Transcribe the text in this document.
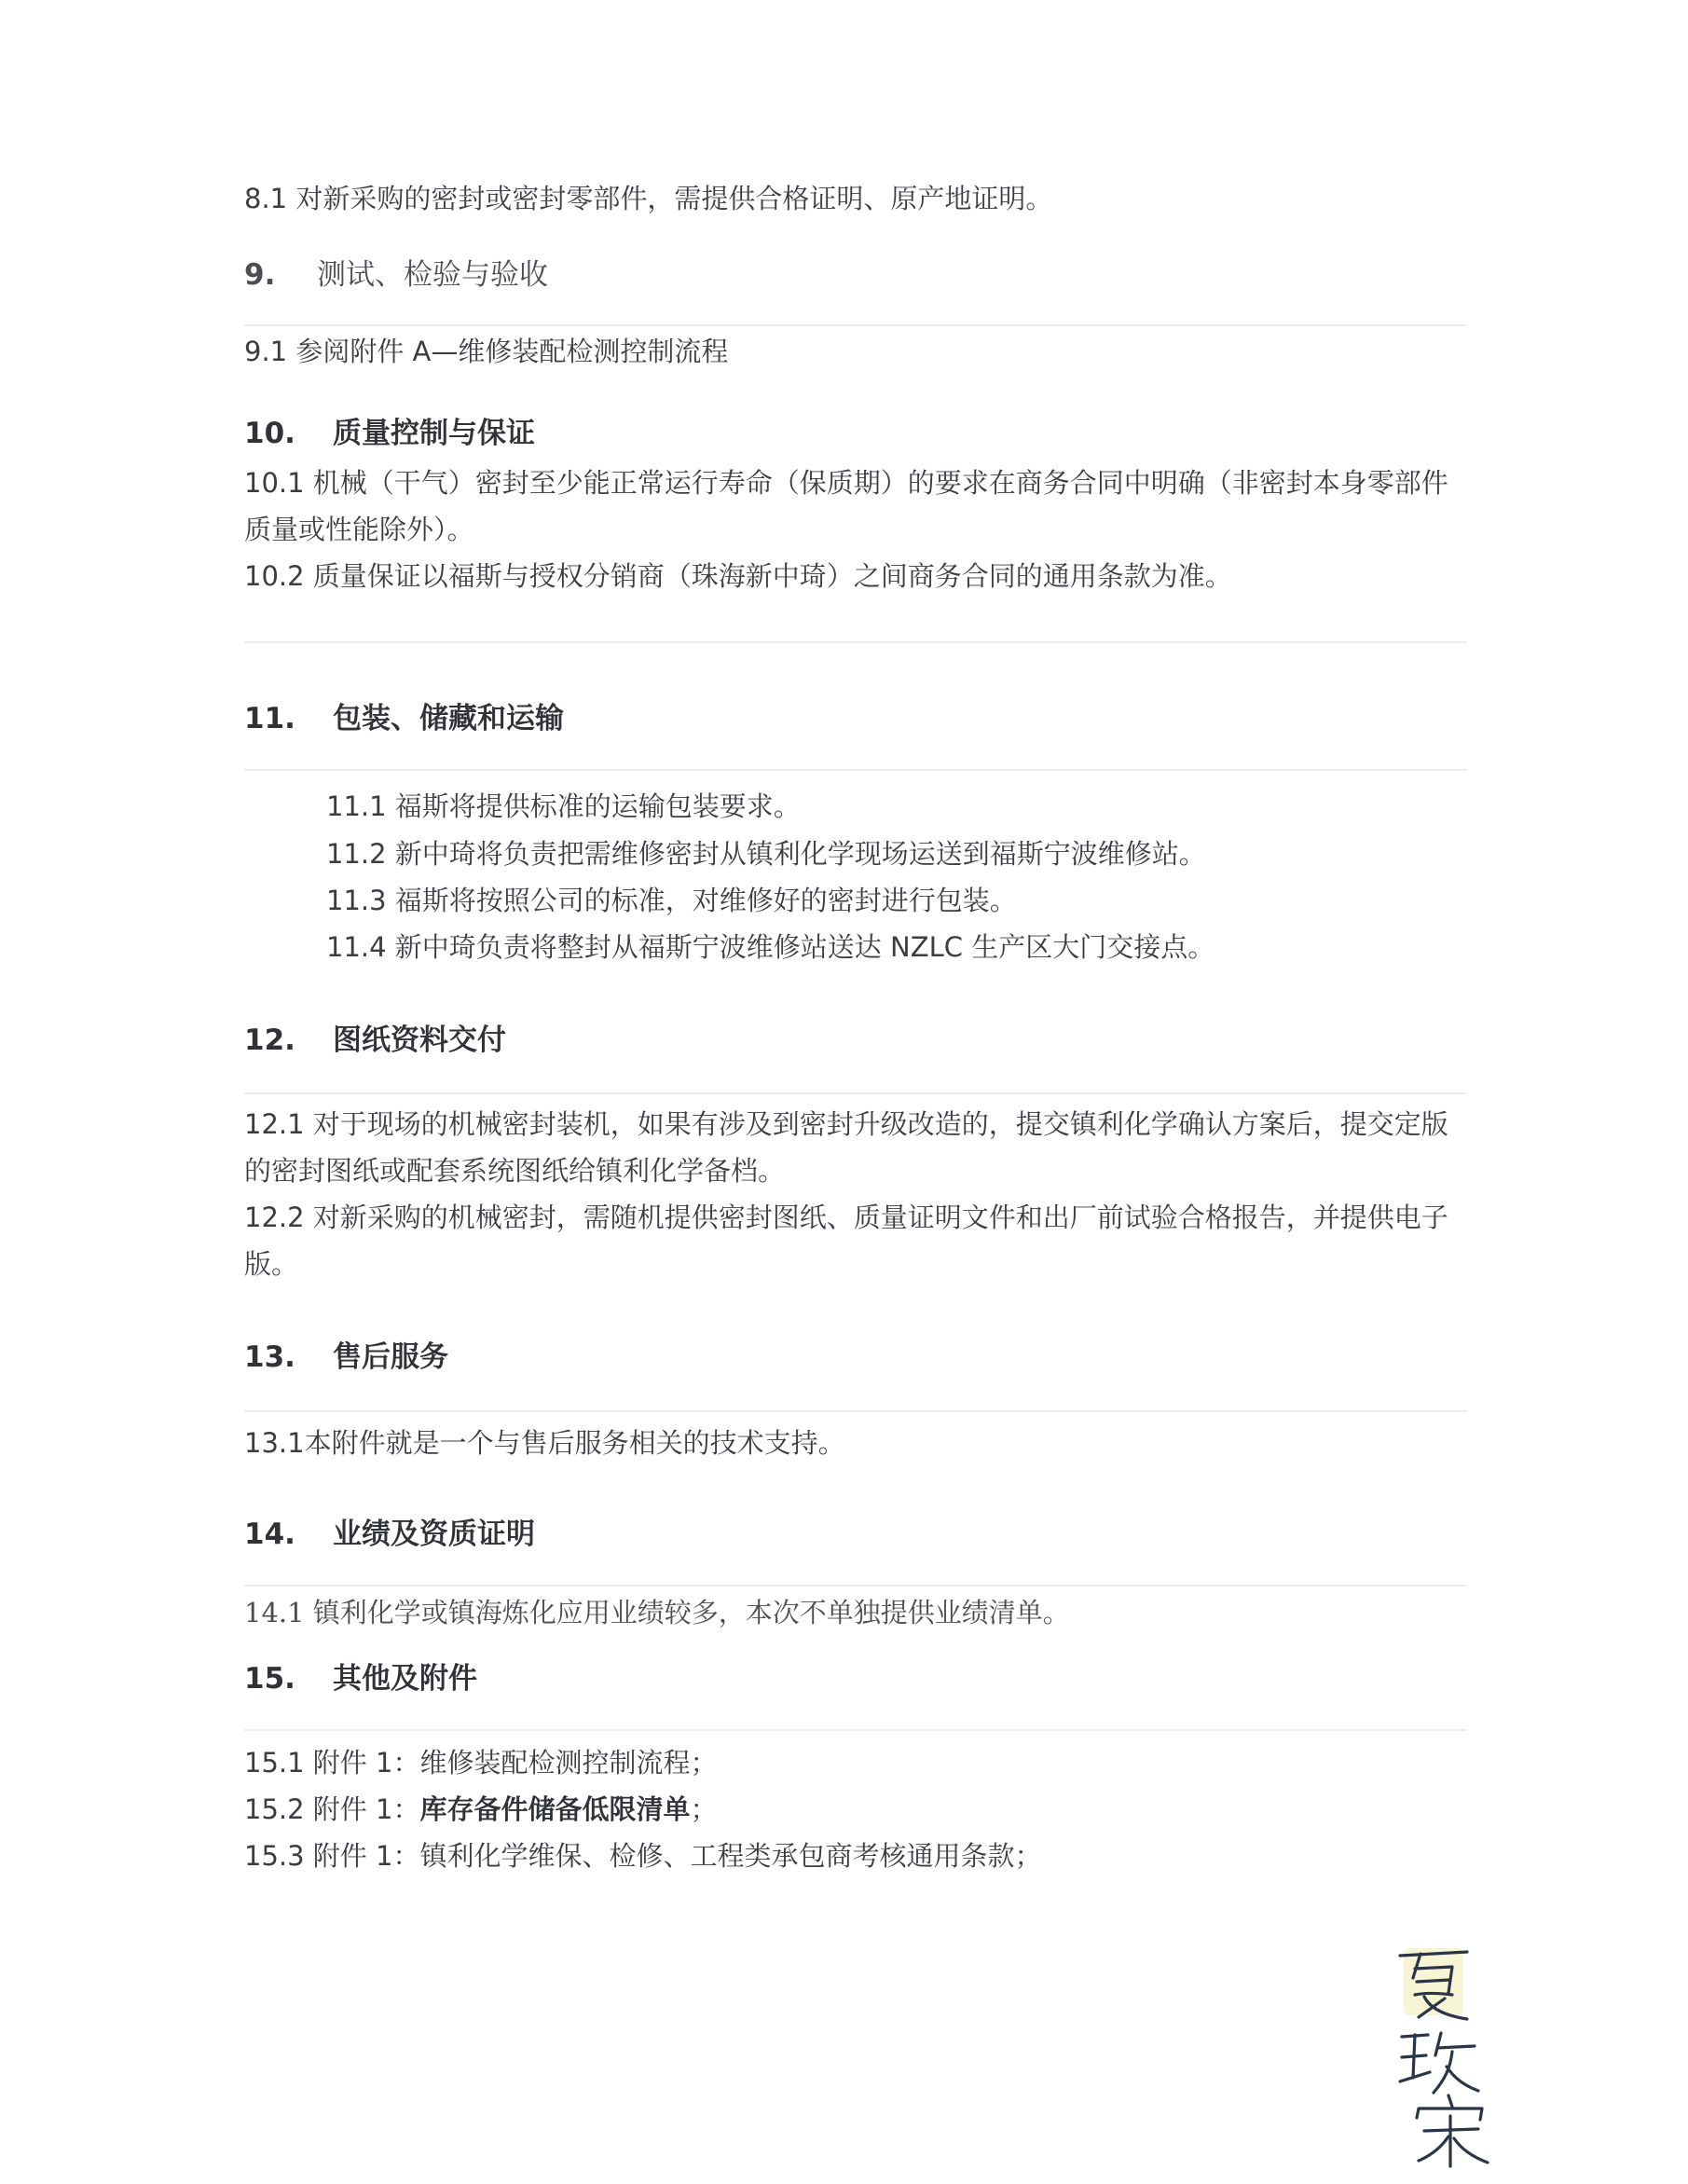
8.1 对新采购的密封或密封零部件，需提供合格证明、原产地证明。
9. 测试、检验与验收
9.1 参阅附件 A—维修装配检测控制流程
10. 质量控制与保证
10.1 机械（干气）密封至少能正常运行寿命（保质期）的要求在商务合同中明确（非密封本身零部件
质量或性能除外）。
10.2 质量保证以福斯与授权分销商（珠海新中琦）之间商务合同的通用条款为准。
11. 包装、储藏和运输
11.1 福斯将提供标准的运输包装要求。
11.2 新中琦将负责把需维修密封从镇利化学现场运送到福斯宁波维修站。
11.3 福斯将按照公司的标准，对维修好的密封进行包装。
11.4 新中琦负责将整封从福斯宁波维修站送达 NZLC 生产区大门交接点。
12. 图纸资料交付
12.1 对于现场的机械密封装机，如果有涉及到密封升级改造的，提交镇利化学确认方案后，提交定版
的密封图纸或配套系统图纸给镇利化学备档。
12.2 对新采购的机械密封，需随机提供密封图纸、质量证明文件和出厂前试验合格报告，并提供电子
版。
13. 售后服务
13.1本附件就是一个与售后服务相关的技术支持。
14. 业绩及资质证明
14.1 镇利化学或镇海炼化应用业绩较多，本次不单独提供业绩清单。
15. 其他及附件
15.1 附件 1：维修装配检测控制流程；
15.2 附件 1：库存备件储备低限清单；
15.3 附件 1：镇利化学维保、检修、工程类承包商考核通用条款；
